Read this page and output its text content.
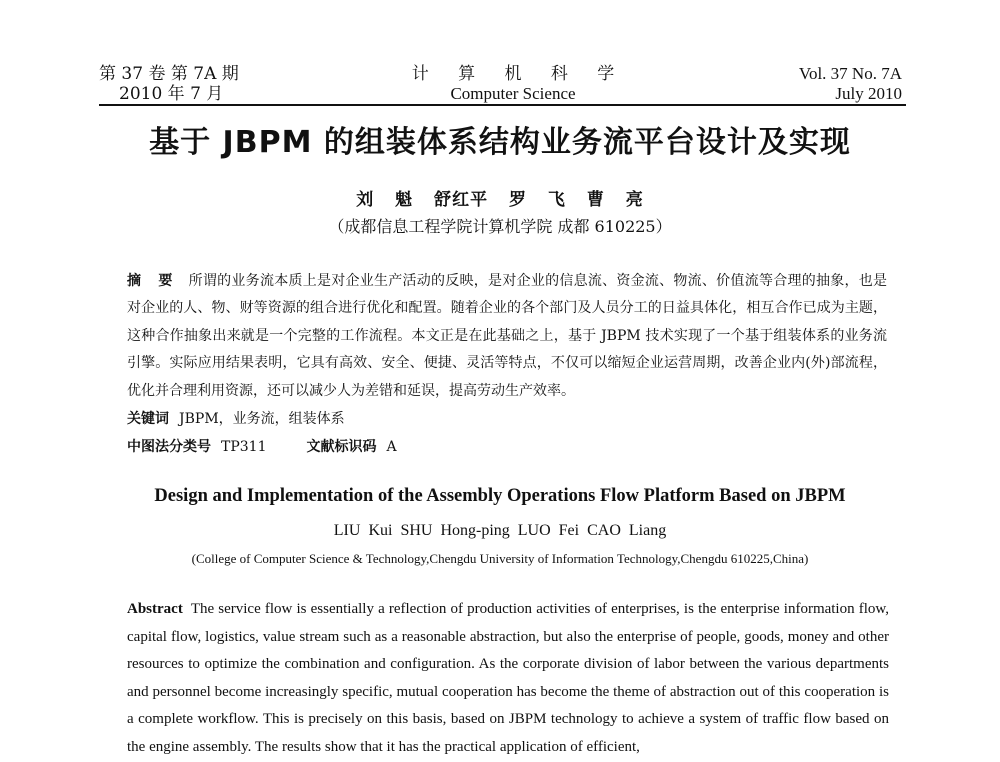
第 37 卷 第 7A 期
2010 年 7 月
计 算 机 科 学
Computer Science
Vol. 37 No. 7A
July 2010
基于 JBPM 的组装体系结构业务流平台设计及实现
刘 魁 舒红平 罗 飞 曹 亮
（成都信息工程学院计算机学院 成都 610225）
摘 要 所谓的业务流本质上是对企业生产活动的反映，是对企业的信息流、资金流、物流、价值流等合理的抽象，也是对企业的人、物、财等资源的组合进行优化和配置。随着企业的各个部门及人员分工的日益具体化，相互合作已成为主题，这种合作抽象出来就是一个完整的工作流程。本文正是在此基础之上，基于 JBPM 技术实现了一个基于组装体系的业务流引擎。实际应用结果表明，它具有高效、安全、便捷、灵活等特点，不仅可以缩短企业运营周期，改善企业内(外)部流程，优化并合理利用资源，还可以减少人为差错和延误，提高劳动生产效率。
关键词 JBPM，业务流，组装体系
中图法分类号 TP311	文献标识码 A
Design and Implementation of the Assembly Operations Flow Platform Based on JBPM
LIU Kui SHU Hong-ping LUO Fei CAO Liang
(College of Computer Science & Technology,Chengdu University of Information Technology,Chengdu 610225,China)
Abstract The service flow is essentially a reflection of production activities of enterprises, is the enterprise information flow, capital flow, logistics, value stream such as a reasonable abstraction, but also the enterprise of people, goods, money and other resources to optimize the combination and configuration. As the corporate division of labor between the various departments and personnel become increasingly specific, mutual cooperation has become the theme of abstraction out of this cooperation is a complete workflow. This is precisely on this basis, based on JBPM technology to achieve a system of traffic flow based on the engine assembly. The results show that it has the practical application of efficient,
